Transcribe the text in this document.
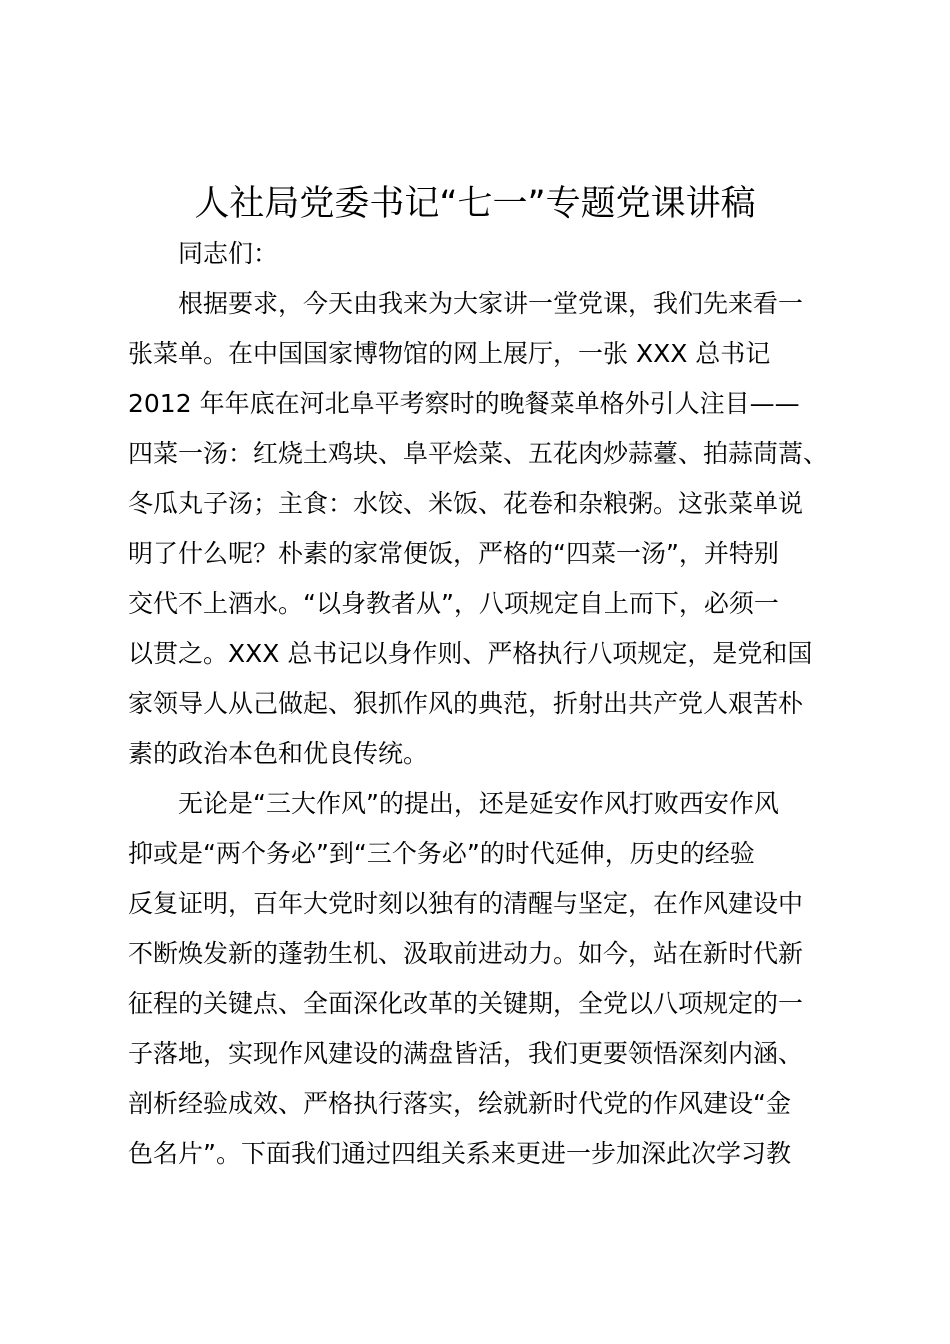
人社局党委书记“七一”专题党课讲稿

同志们：

根据要求，今天由我来为大家讲一堂党课，我们先来看一

张菜单。在中国国家博物馆的网上展厅，一张 XXX 总书记

2012 年年底在河北阜平考察时的晚餐菜单格外引人注目——

四菜一汤：红烧土鸡块、阜平烩菜、五花肉炒蒜薹、拍蒜茼蒿、

冬瓜丸子汤；主食：水饺、米饭、花卷和杂粮粥。这张菜单说

明了什么呢？朴素的家常便饭，严格的“四菜一汤”，并特别

交代不上酒水。“以身教者从”，八项规定自上而下，必须一

以贯之。XXX 总书记以身作则、严格执行八项规定，是党和国

家领导人从己做起、狠抓作风的典范，折射出共产党人艰苦朴

素的政治本色和优良传统。

无论是“三大作风”的提出，还是延安作风打败西安作风

抑或是“两个务必”到“三个务必”的时代延伸，历史的经验

反复证明，百年大党时刻以独有的清醒与坚定，在作风建设中

不断焕发新的蓬勃生机、汲取前进动力。如今，站在新时代新

征程的关键点、全面深化改革的关键期，全党以八项规定的一

子落地，实现作风建设的满盘皆活，我们更要领悟深刻内涵、

剖析经验成效、严格执行落实，绘就新时代党的作风建设“金

色名片”。下面我们通过四组关系来更进一步加深此次学习教
